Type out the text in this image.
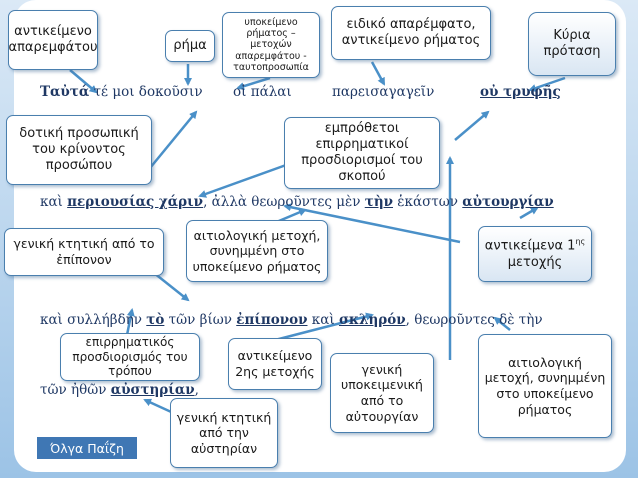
αντικείμενο απαρεμφάτου	ρήμα
υποκείμενο ρήματος – μετοχών απαρεμφάτου - ταυτοπροσωπία
ειδικό απαρέμφατο, αντικείμενο ρήματος	Κύρια πρόταση
Ταὐτά τέ μοι δοκοῦσιν οἱ πάλαι	παρεισαγαγεῖν	οὐ τρυφῆς
δοτική προσωπική του κρίνοντος προσώπου
εμπρόθετοι επιρρηματικοί προσδιορισμοί του σκοπού
καὶ περιουσίας χάριν, ἀλλὰ θεωροῦντες μὲν τὴν ἑκάστων αὐτουργίαν
γενική κτητική από το ἐπίπονον
αιτιολογική μετοχή, συνημμένη στο υποκείμενο ρήματος
αντικείμενα $1^{\eta\varsigma}$
μετοχής
καὶ συλλήβδην τὸ τῶν βίων ἐπίπονον καὶ σκληρόν, θεωροῦντες δὲ τὴν
επιρρηματικός προσδιορισμός του τρόπου
αντικείμενο 2ης μετοχής	γενική υποκειμενική από το αὐτουργίαν
αιτιολογική μετοχή, συνημμένη στο υποκείμενο ρήματος
τῶν ἠθῶν αὐστηρίαν,
γενική κτητική από την αὐστηρίαν
Όλγα Παΐζη
